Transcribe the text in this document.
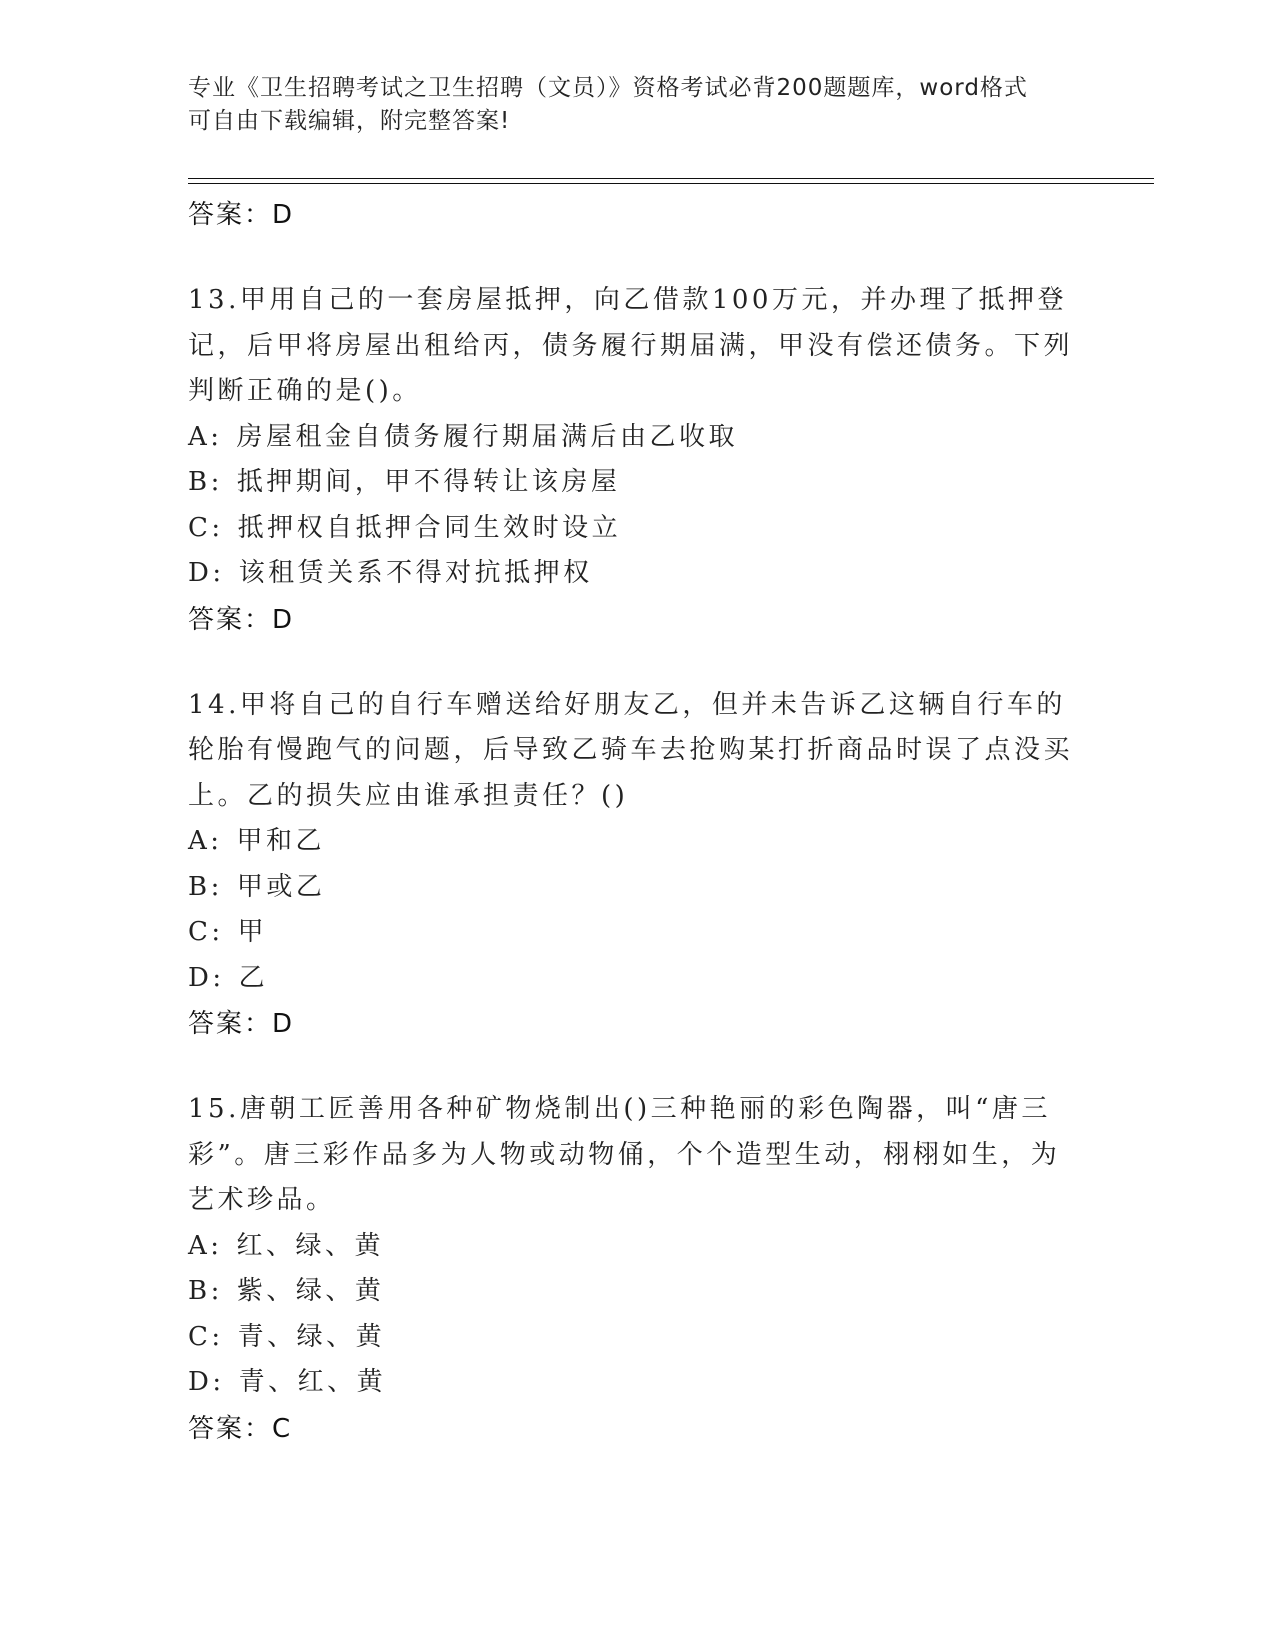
专业《卫生招聘考试之卫生招聘（文员）》资格考试必背200题题库，word格式
可自由下载编辑，附完整答案!
答案：D

13.甲用自己的一套房屋抵押，向乙借款100万元，并办理了抵押登记，后甲将房屋出租给丙，债务履行期届满，甲没有偿还债务。下列判断正确的是()。

A: 房屋租金自债务履行期届满后由乙收取
B: 抵押期间，甲不得转让该房屋
C: 抵押权自抵押合同生效时设立
D: 该租赁关系不得对抗抵押权
答案：D

14.甲将自己的自行车赠送给好朋友乙，但并未告诉乙这辆自行车的轮胎有慢跑气的问题，后导致乙骑车去抢购某打折商品时误了点没买上。乙的损失应由谁承担责任？()

A: 甲和乙
B: 甲或乙
C: 甲
D: 乙
答案：D

15.唐朝工匠善用各种矿物烧制出()三种艳丽的彩色陶器，叫“唐三彩”。唐三彩作品多为人物或动物俑，个个造型生动，栩栩如生，为艺术珍品。

A: 红、绿、黄
B: 紫、绿、黄
C: 青、绿、黄
D: 青、红、黄
答案：C
